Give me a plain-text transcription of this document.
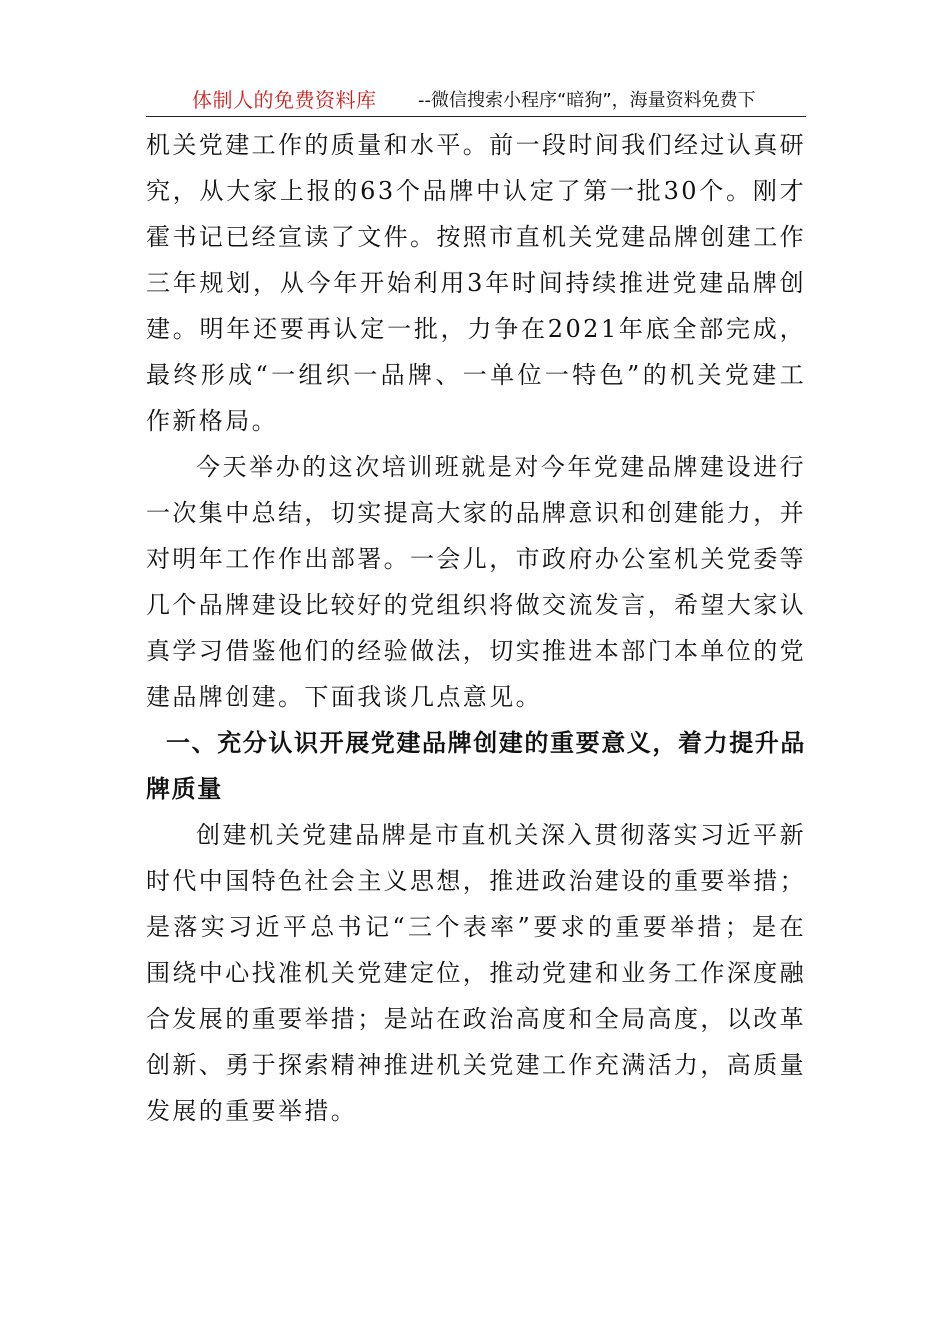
体制人的免费资料库 --微信搜索小程序“暗狗”，海量资料免费下

机关党建工作的质量和水平。前一段时间我们经过认真研究，从大家上报的63个品牌中认定了第一批30个。刚才霍书记已经宣读了文件。按照市直机关党建品牌创建工作三年规划，从今年开始利用3年时间持续推进党建品牌创建。明年还要再认定一批，力争在2021年底全部完成，最终形成“一组织一品牌、一单位一特色”的机关党建工作新格局。

今天举办的这次培训班就是对今年党建品牌建设进行一次集中总结，切实提高大家的品牌意识和创建能力，并对明年工作作出部署。一会儿，市政府办公室机关党委等几个品牌建设比较好的党组织将做交流发言，希望大家认真学习借鉴他们的经验做法，切实推进本部门本单位的党建品牌创建。下面我谈几点意见。

一、充分认识开展党建品牌创建的重要意义，着力提升品牌质量

创建机关党建品牌是市直机关深入贯彻落实习近平新时代中国特色社会主义思想，推进政治建设的重要举措；是落实习近平总书记“三个表率”要求的重要举措；是在围绕中心找准机关党建定位，推动党建和业务工作深度融合发展的重要举措；是站在政治高度和全局高度，以改革创新、勇于探索精神推进机关党建工作充满活力，高质量发展的重要举措。
